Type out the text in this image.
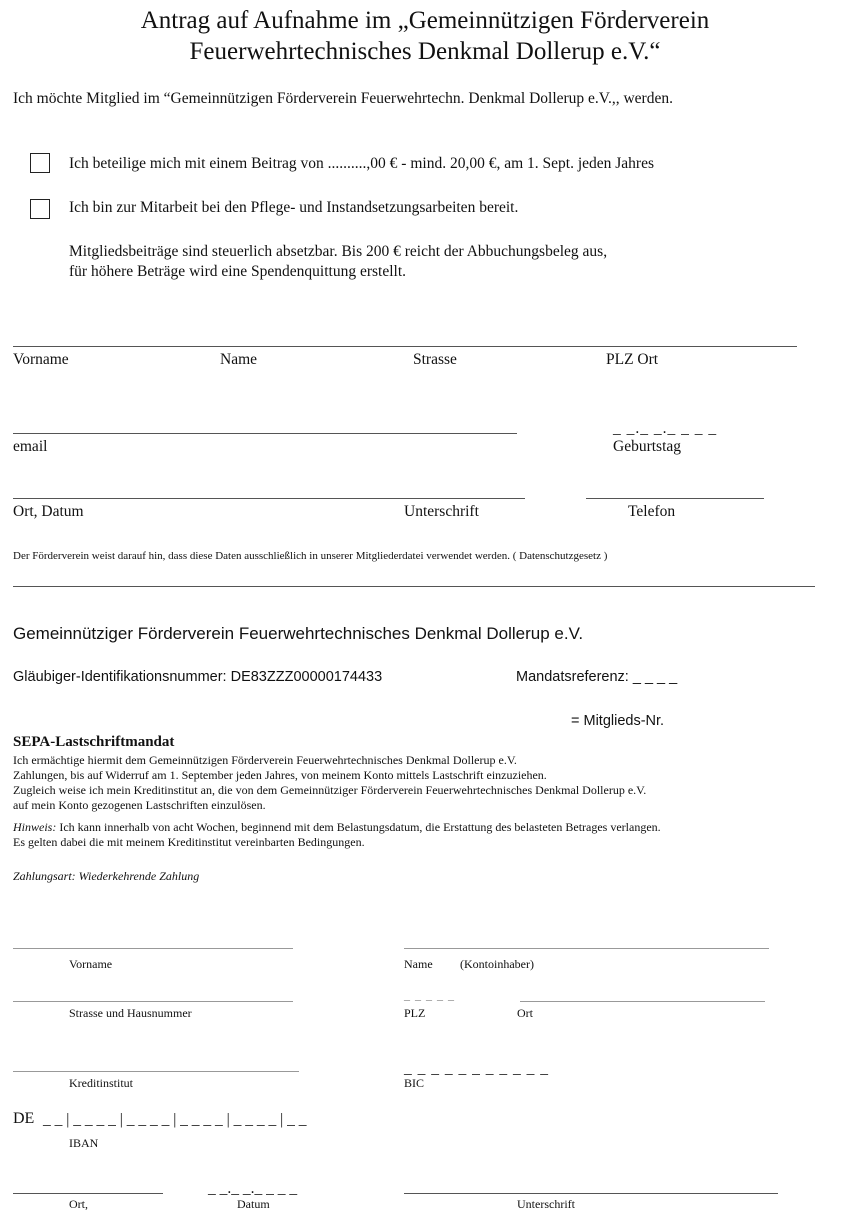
Antrag auf Aufnahme im „Gemeinnützigen Förderverein
Feuerwehrtechnisches Denkmal Dollerup e.V.“
Ich möchte Mitglied im “Gemeinnützigen Förderverein Feuerwehrtechn. Denkmal Dollerup e.V.,, werden.
Ich beteilige mich mit einem Beitrag von ..........,00 € - mind. 20,00 €, am 1. Sept. jeden Jahres
Ich bin zur Mitarbeit bei den Pflege- und Instandsetzungsarbeiten bereit.
Mitgliedsbeiträge sind steuerlich absetzbar. Bis 200 € reicht der Abbuchungsbeleg aus,
für höhere Beträge wird eine Spendenquittung erstellt.
Vorname	Name	Strasse	PLZ Ort
email
_ _._ _._ _ _ _
Geburtstag
Ort, Datum	Unterschrift	Telefon
Der Förderverein weist darauf hin, dass diese Daten ausschließlich in unserer Mitgliederdatei verwendet werden. ( Datenschutzgesetz )
Gemeinnütziger Förderverein Feuerwehrtechnisches Denkmal Dollerup e.V.
Gläubiger-Identifikationsnummer: DE83ZZZ00000174433	Mandatsreferenz: _ _ _ _
= Mitglieds-Nr.
SEPA-Lastschriftmandat
Ich ermächtige hiermit dem Gemeinnützigen Förderverein Feuerwehrtechnisches Denkmal Dollerup e.V.
Zahlungen, bis auf Widerruf am 1. September jeden Jahres, von meinem Konto mittels Lastschrift einzuziehen.
Zugleich weise ich mein Kreditinstitut an, die von dem Gemeinnütziger Förderverein Feuerwehrtechnisches Denkmal Dollerup e.V.
auf mein Konto gezogenen Lastschriften einzulösen.
Hinweis: Ich kann innerhalb von acht Wochen, beginnend mit dem Belastungsdatum, die Erstattung des belasteten Betrages verlangen.
Es gelten dabei die mit meinem Kreditinstitut vereinbarten Bedingungen.
Zahlungsart: Wiederkehrende Zahlung
Vorname	Name (Kontoinhaber)
_ _ _ _ _
Strasse und Hausnummer	PLZ	Ort
_ _ _ _ _ _ _ _ _ _ _
Kreditinstitut	BIC
DE _ _ | _ _ _ _ | _ _ _ _ | _ _ _ _ | _ _ _ _ | _ _
IBAN
_ _._ _._ _ _ _
Ort,	Datum	Unterschrift
